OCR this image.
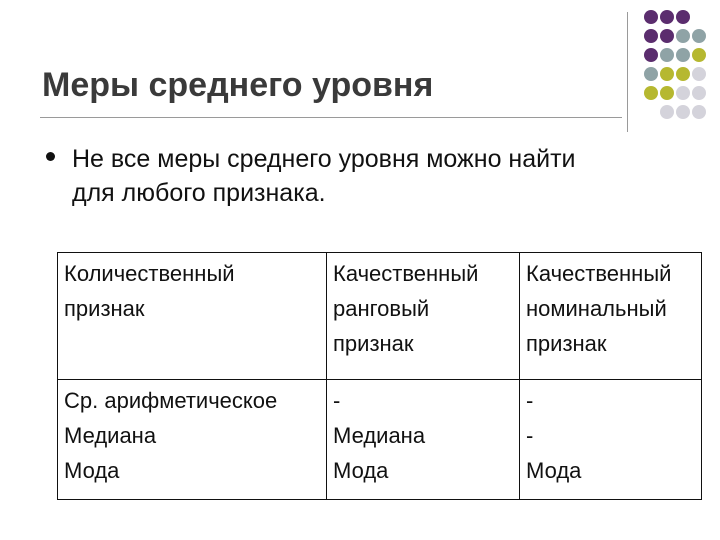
Меры среднего уровня
Не все меры среднего уровня можно найти
для любого признака.
Количественный
признак	Качественный
ранговый
признак	Качественный
номинальный
признак

Ср. арифметическое
Медиана
Мода	-
Медиана
Мода	-
-
Мода
